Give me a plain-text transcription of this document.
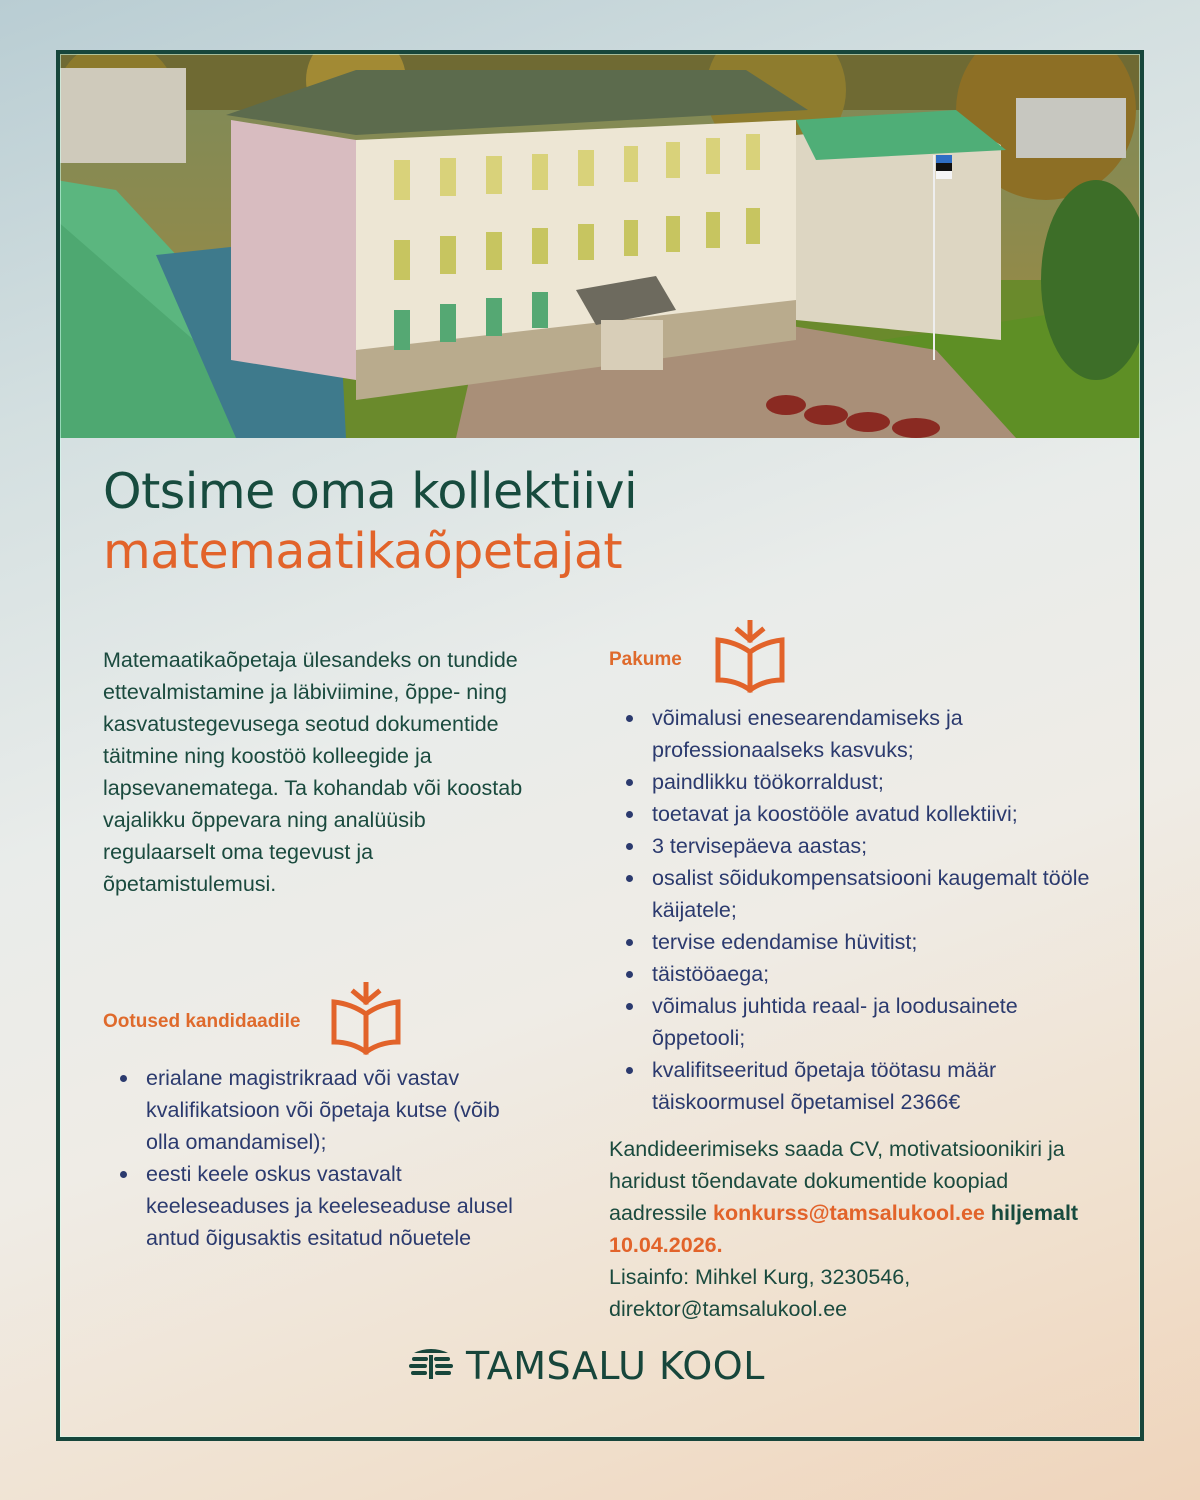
Otsime oma kollektiivi
matemaatikaõpetajat

Matemaatikaõpetaja ülesandeks on tundide ettevalmistamine ja läbiviimine, õppe- ning kasvatustegevusega seotud dokumentide täitmine ning koostöö kolleegide ja lapsevanematega. Ta kohandab või koostab vajalikku õppevara ning analüüsib regulaarselt oma tegevust ja õpetamistulemusi.

Ootused kandidaadile
erialane magistrikraad või vastav kvalifikatsioon või õpetaja kutse (võib olla omandamisel);
eesti keele oskus vastavalt keeleseaduses ja keeleseaduse alusel antud õigusaktis esitatud nõuetele
Pakume
võimalusi enesearendamiseks ja professionaalseks kasvuks;
paindlikku töökorraldust;
toetavat ja koostööle avatud kollektiivi;
3 tervisepäeva aastas;
osalist sõidukompensatsiooni kaugemalt tööle käijatele;
tervise edendamise hüvitist;
täistööaega;
võimalus juhtida reaal- ja loodusainete õppetooli;
kvalifitseeritud õpetaja töötasu määr täiskoormusel õpetamisel 2366€

Kandideerimiseks saada CV, motivatsioonikiri ja haridust tõendavate dokumentide koopiad aadressile konkurss@tamsalukool.ee hiljemalt 10.04.2026.
Lisainfo: Mihkel Kurg, 3230546,
direktor@tamsalukool.ee

TAMSALU KOOL
